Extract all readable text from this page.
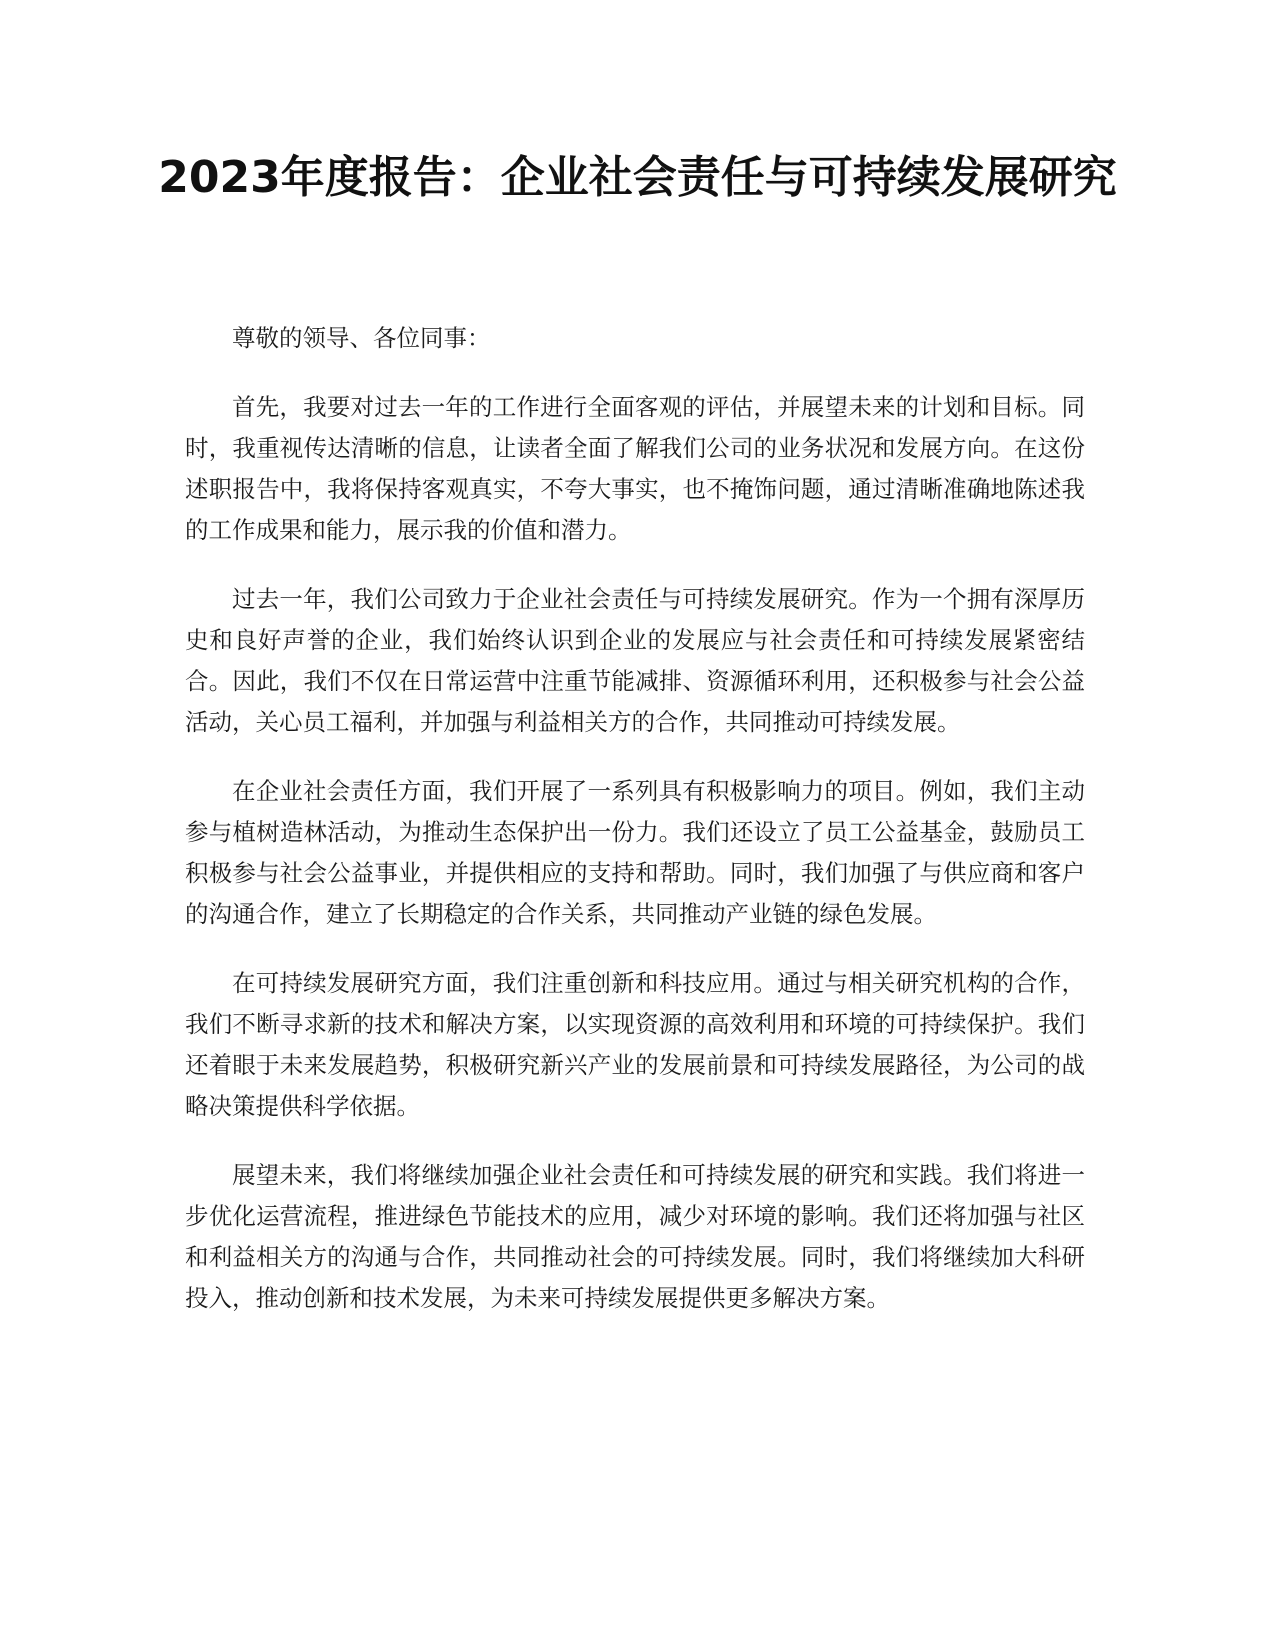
2023年度报告：企业社会责任与可持续发展研究

尊敬的领导、各位同事：

首先，我要对过去一年的工作进行全面客观的评估，并展望未来的计划和目标。同时，我重视传达清晰的信息，让读者全面了解我们公司的业务状况和发展方向。在这份述职报告中，我将保持客观真实，不夸大事实，也不掩饰问题，通过清晰准确地陈述我的工作成果和能力，展示我的价值和潜力。

过去一年，我们公司致力于企业社会责任与可持续发展研究。作为一个拥有深厚历史和良好声誉的企业，我们始终认识到企业的发展应与社会责任和可持续发展紧密结合。因此，我们不仅在日常运营中注重节能减排、资源循环利用，还积极参与社会公益活动，关心员工福利，并加强与利益相关方的合作，共同推动可持续发展。

在企业社会责任方面，我们开展了一系列具有积极影响力的项目。例如，我们主动参与植树造林活动，为推动生态保护出一份力。我们还设立了员工公益基金，鼓励员工积极参与社会公益事业，并提供相应的支持和帮助。同时，我们加强了与供应商和客户的沟通合作，建立了长期稳定的合作关系，共同推动产业链的绿色发展。

在可持续发展研究方面，我们注重创新和科技应用。通过与相关研究机构的合作，我们不断寻求新的技术和解决方案，以实现资源的高效利用和环境的可持续保护。我们还着眼于未来发展趋势，积极研究新兴产业的发展前景和可持续发展路径，为公司的战略决策提供科学依据。

展望未来，我们将继续加强企业社会责任和可持续发展的研究和实践。我们将进一步优化运营流程，推进绿色节能技术的应用，减少对环境的影响。我们还将加强与社区和利益相关方的沟通与合作，共同推动社会的可持续发展。同时，我们将继续加大科研投入，推动创新和技术发展，为未来可持续发展提供更多解决方案。
